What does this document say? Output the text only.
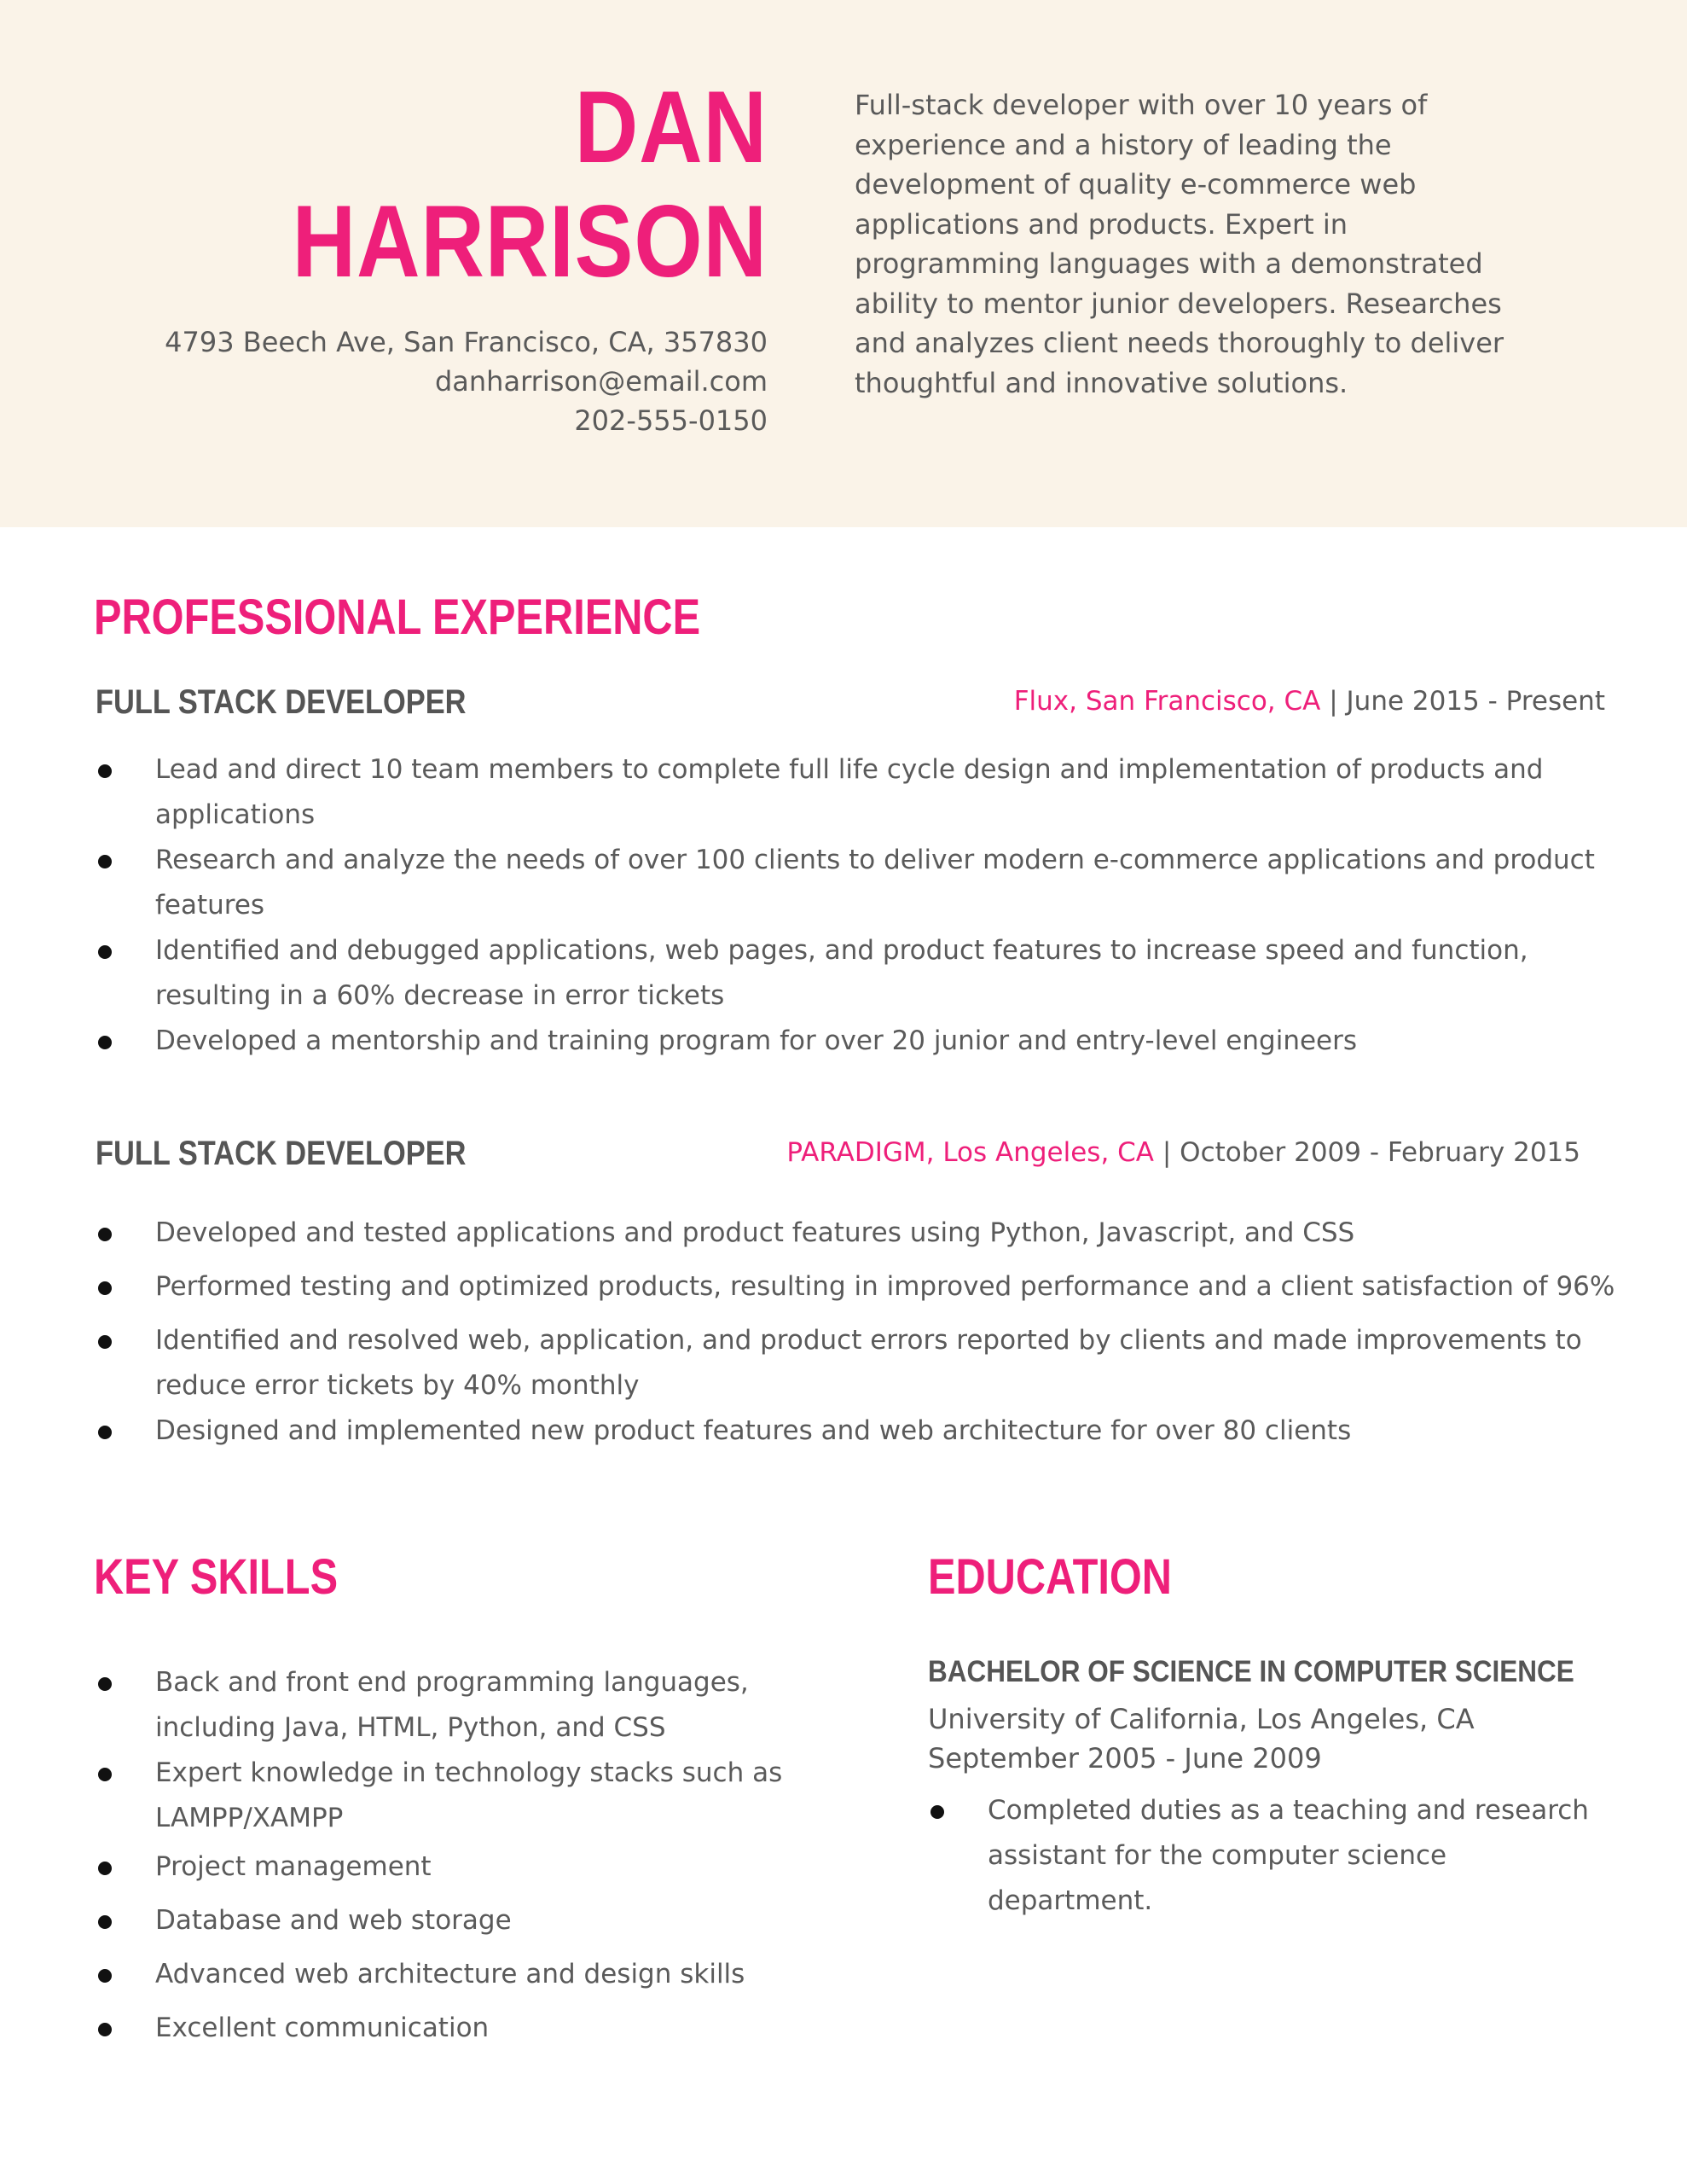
DAN
HARRISON
4793 Beech Ave, San Francisco, CA, 357830
danharrison@email.com
202-555-0150
Full-stack developer with over 10 years of experience and a history of leading the development of quality e-commerce web applications and products. Expert in programming languages with a demonstrated ability to mentor junior developers. Researches and analyzes client needs thoroughly to deliver thoughtful and innovative solutions.
PROFESSIONAL EXPERIENCE
FULL STACK DEVELOPER	Flux, San Francisco, CA | June 2015 - Present
Lead and direct 10 team members to complete full life cycle design and implementation of products and applications
Research and analyze the needs of over 100 clients to deliver modern e-commerce applications and product features
Identified and debugged applications, web pages, and product features to increase speed and function, resulting in a 60% decrease in error tickets
Developed a mentorship and training program for over 20 junior and entry-level engineers
FULL STACK DEVELOPER	PARADIGM, Los Angeles, CA | October 2009 - February 2015
Developed and tested applications and product features using Python, Javascript, and CSS
Performed testing and optimized products, resulting in improved performance and a client satisfaction of 96%
Identified and resolved web, application, and product errors reported by clients and made improvements to reduce error tickets by 40% monthly
Designed and implemented new product features and web architecture for over 80 clients
KEY SKILLS
Back and front end programming languages, including Java, HTML, Python, and CSS
Expert knowledge in technology stacks such as LAMPP/XAMPP
Project management
Database and web storage
Advanced web architecture and design skills
Excellent communication
EDUCATION
BACHELOR OF SCIENCE IN COMPUTER SCIENCE
University of California, Los Angeles, CA
September 2005 - June 2009
Completed duties as a teaching and research assistant for the computer science department.
